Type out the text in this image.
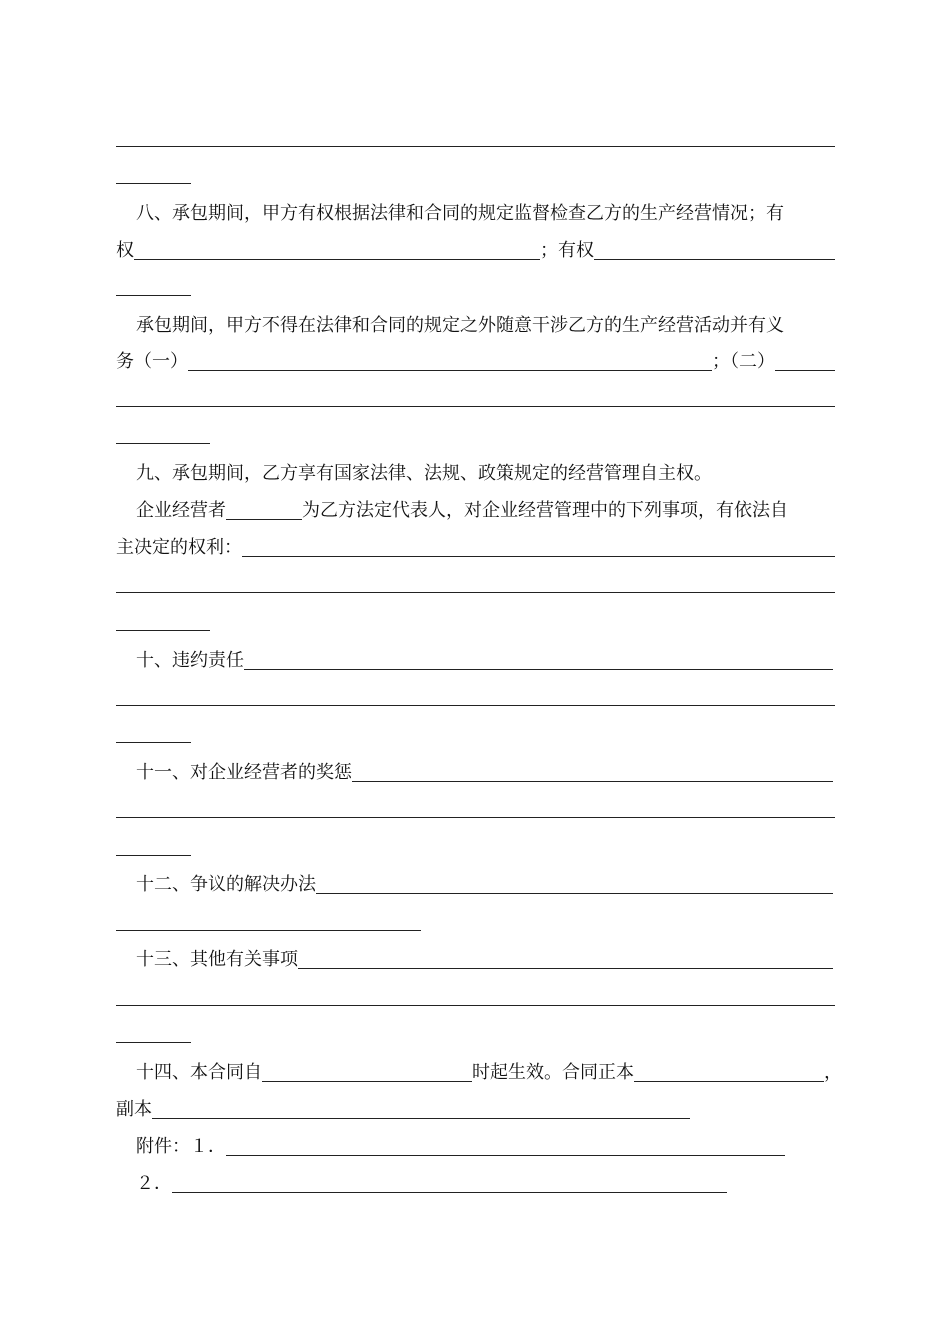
八、承包期间，甲方有权根据法律和合同的规定监督检查乙方的生产经营情况；有
权	；有权
承包期间，甲方不得在法律和合同的规定之外随意干涉乙方的生产经营活动并有义
务（一）	；（二）
九、承包期间，乙方享有国家法律、法规、政策规定的经营管理自主权。
企业经营者	为乙方法定代表人，对企业经营管理中的下列事项，有依法自
主决定的权利：
十、违约责任
十一、对企业经营者的奖惩
十二、争议的解决办法
十三、其他有关事项
十四、本合同自	时起生效。合同正本	，
副本
附件：１．
２．
